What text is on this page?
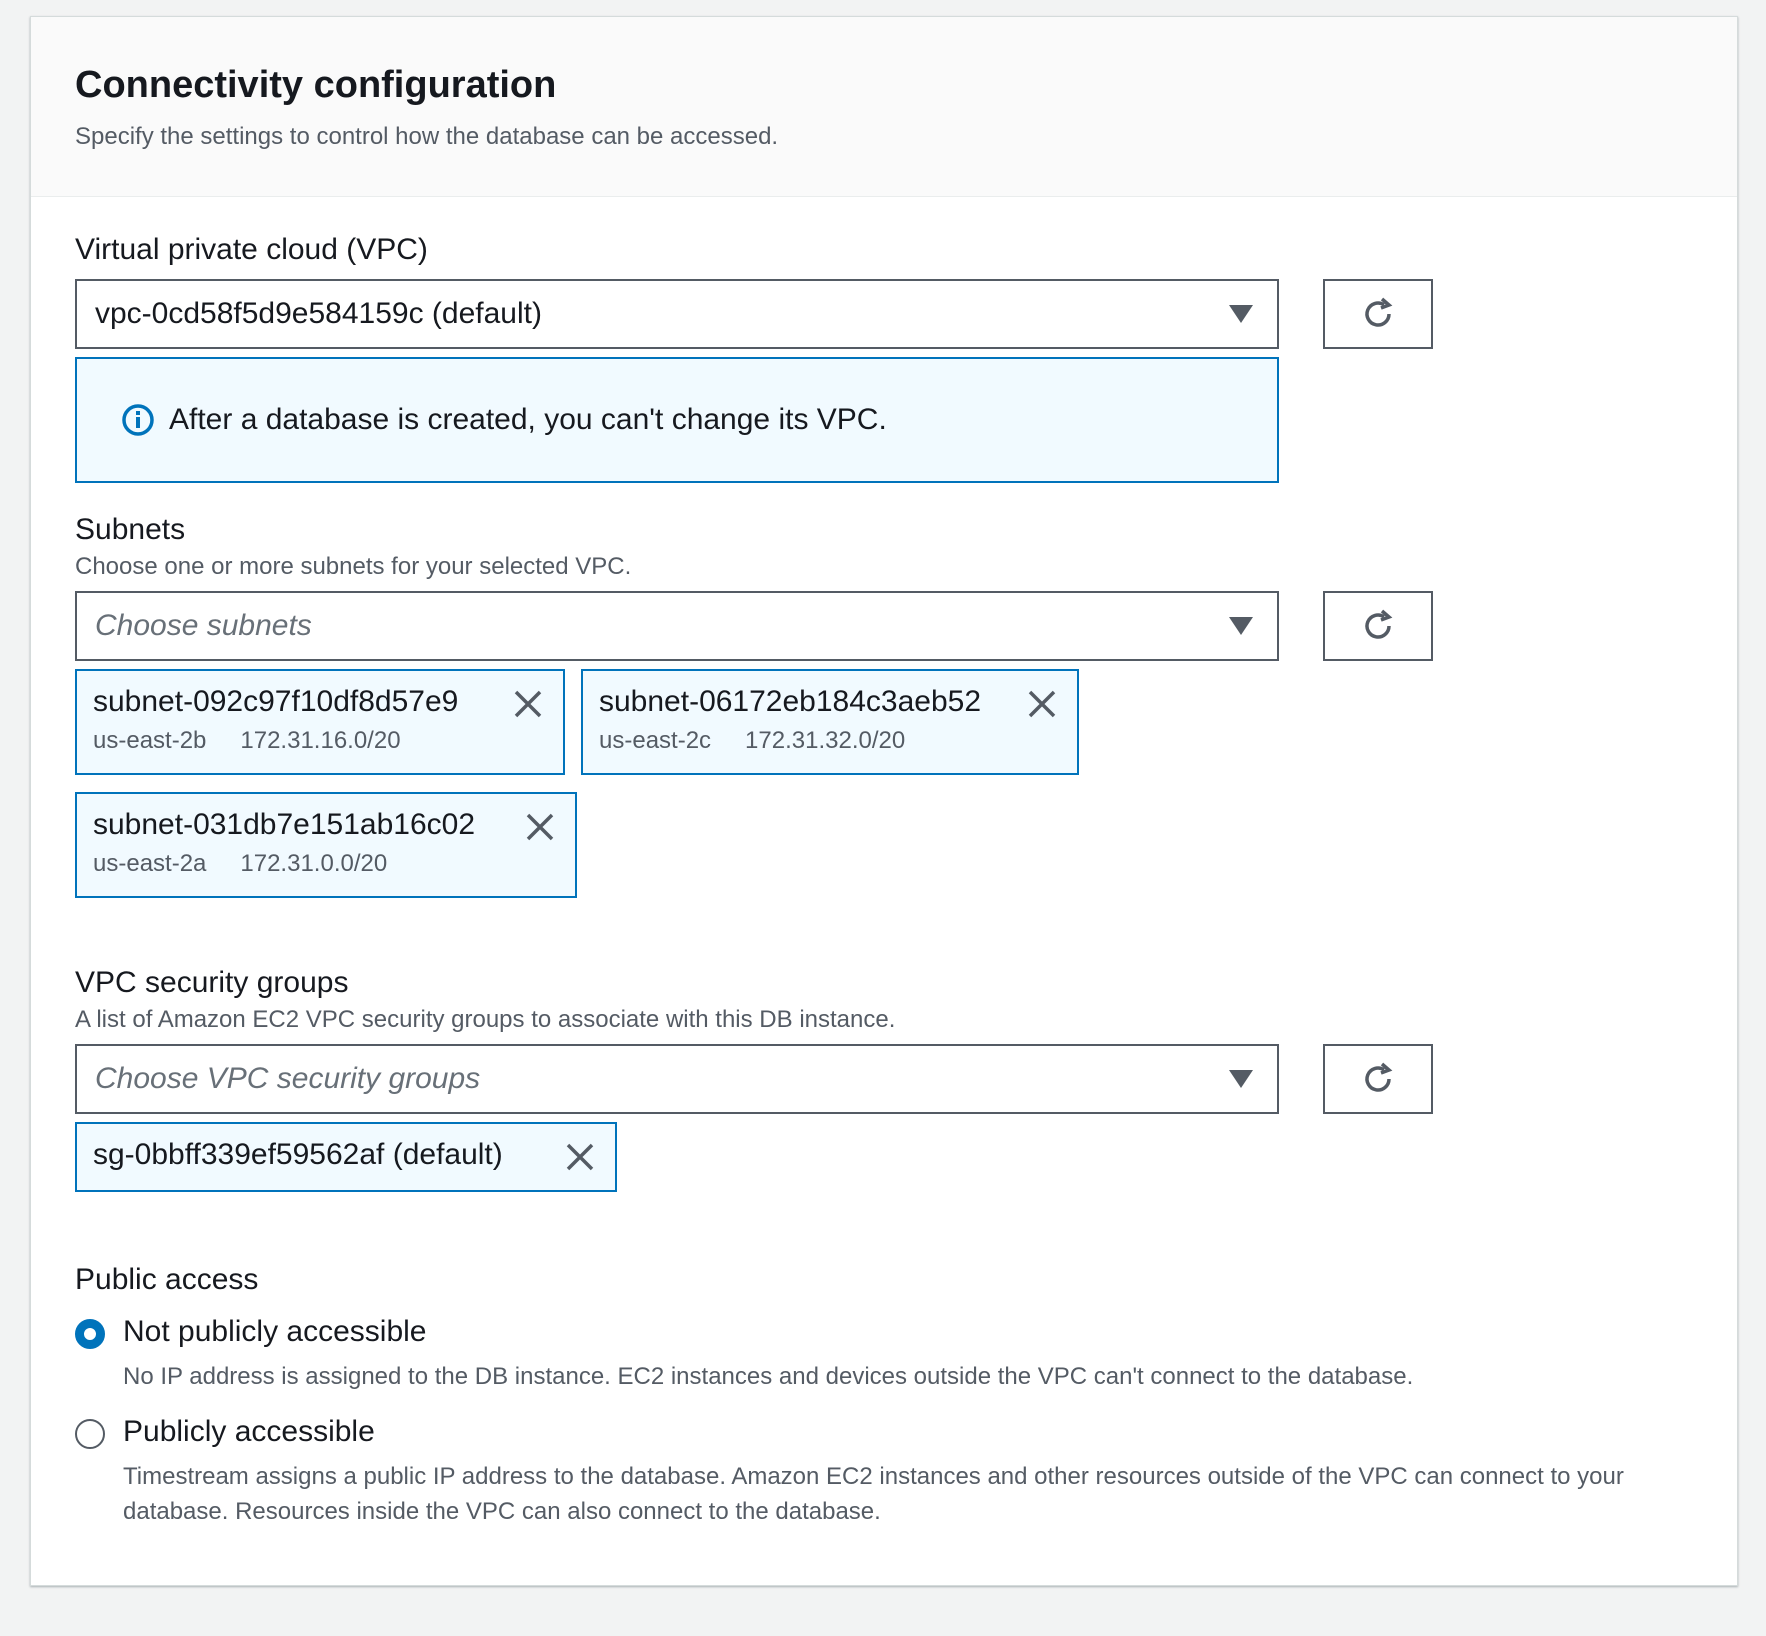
Connectivity configuration
Specify the settings to control how the database can be accessed.
Virtual private cloud (VPC)
vpc-0cd58f5d9e584159c (default)
After a database is created, you can't change its VPC.
Subnets
Choose one or more subnets for your selected VPC.
Choose subnets
subnet-092c97f10df8d57e9
us-east-2b 172.31.16.0/20
subnet-06172eb184c3aeb52
us-east-2c 172.31.32.0/20
subnet-031db7e151ab16c02
us-east-2a 172.31.0.0/20
VPC security groups
A list of Amazon EC2 VPC security groups to associate with this DB instance.
Choose VPC security groups
sg-0bbff339ef59562af (default)
Public access
Not publicly accessible
No IP address is assigned to the DB instance. EC2 instances and devices outside the VPC can't connect to the database.
Publicly accessible
Timestream assigns a public IP address to the database. Amazon EC2 instances and other resources outside of the VPC can connect to your database. Resources inside the VPC can also connect to the database.
